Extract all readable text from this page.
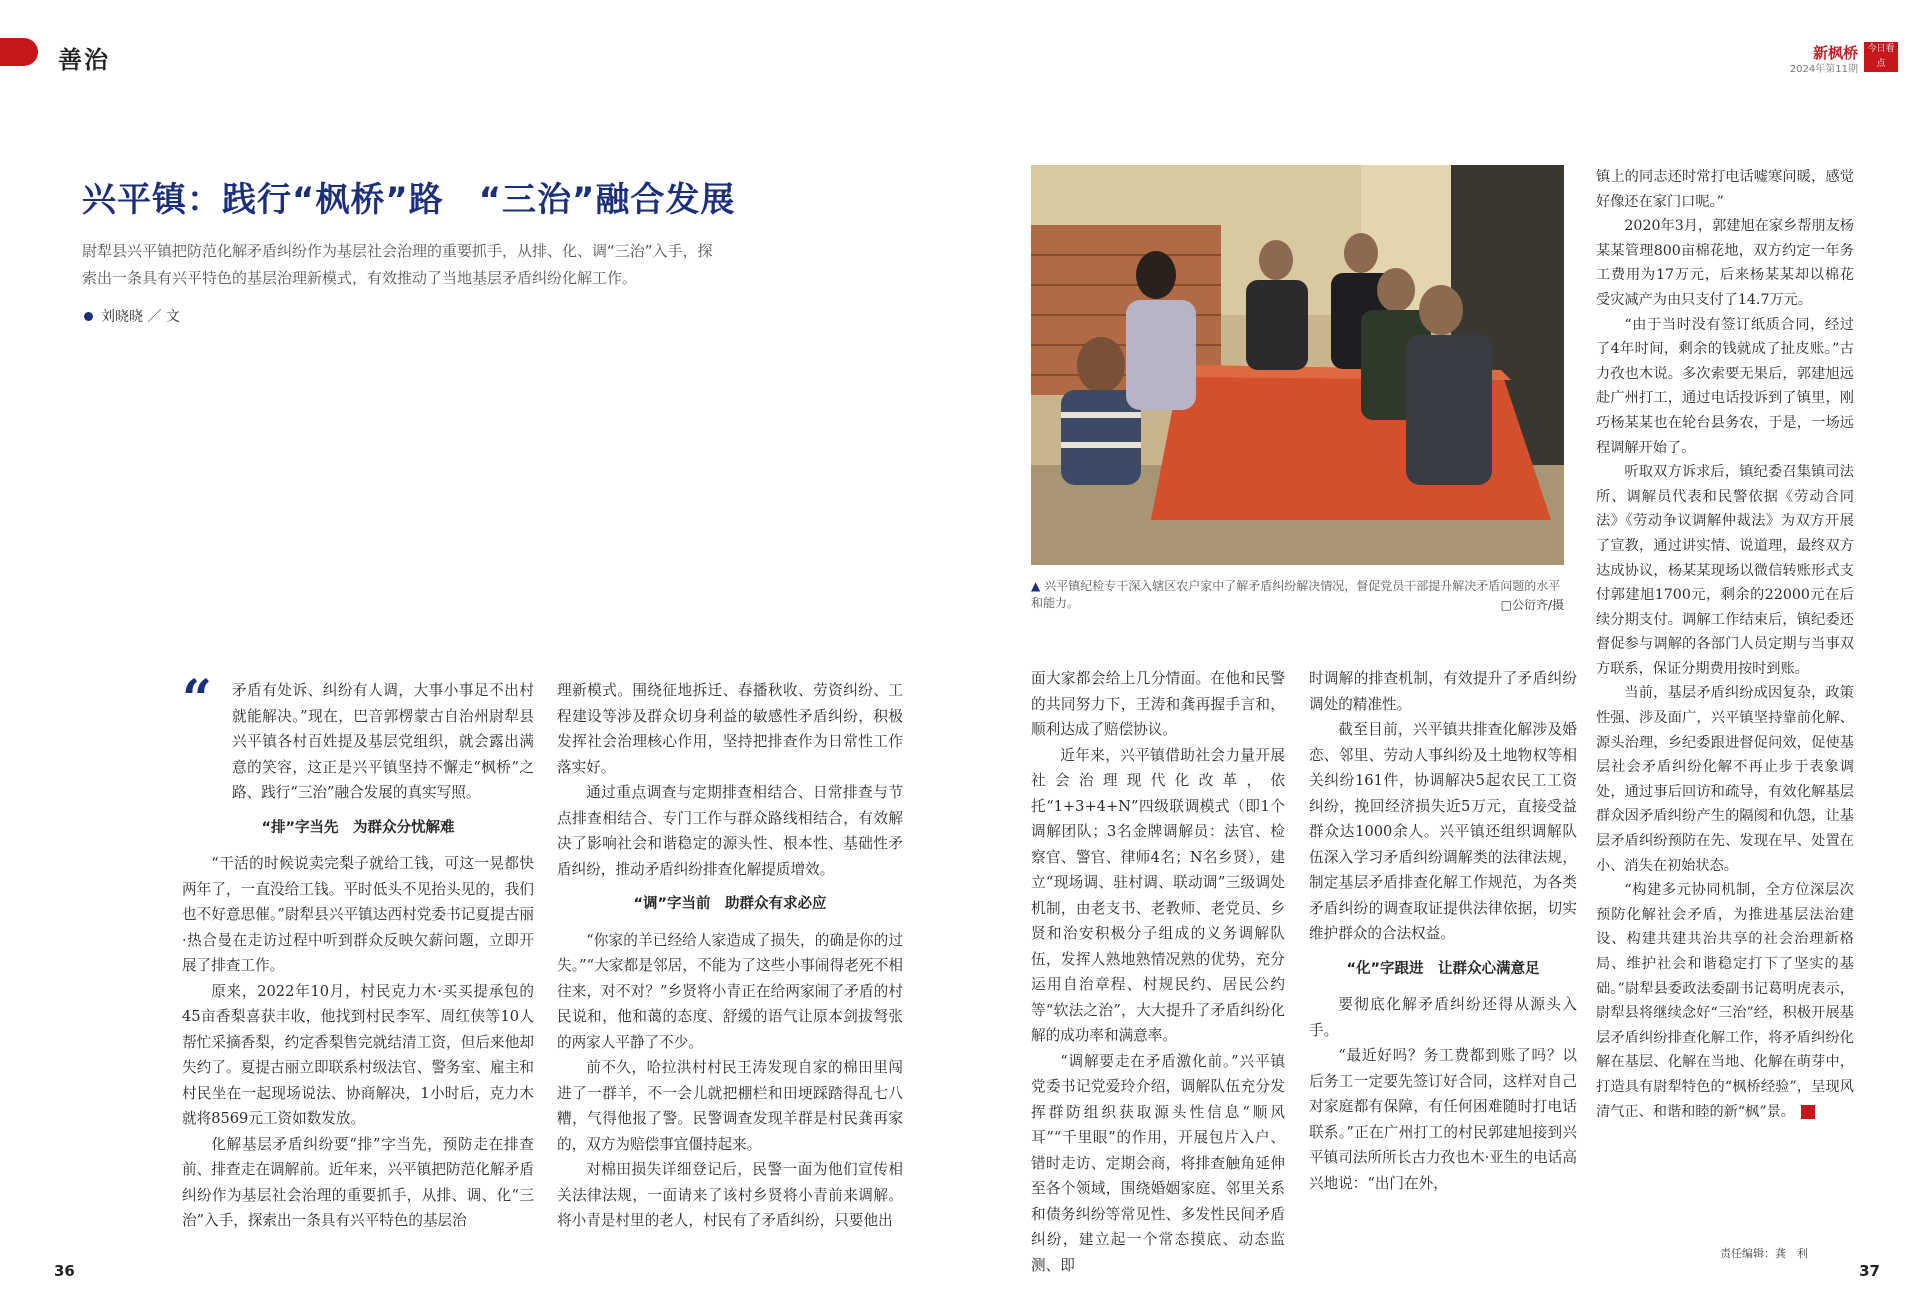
善治	新枫桥
2024年第11期
今日看点
兴平镇：践行“枫桥”路　“三治”融合发展
尉犁县兴平镇把防范化解矛盾纠纷作为基层社会治理的重要抓手，从排、化、调“三治”入手，探索出一条具有兴平特色的基层治理新模式，有效推动了当地基层矛盾纠纷化解工作。
刘晓晓 ／ 文
▲ 兴平镇纪检专干深入辖区农户家中了解矛盾纠纷解决情况，督促党员干部提升解决矛盾问题的水平和能力。	□公衍齐/摄
“	矛盾有处诉、纠纷有人调，大事小事足不出村就能解决。”现在，巴音郭楞蒙古自治州尉犁县兴平镇各村百姓提及基层党组织，就会露出满意的笑容，这正是兴平镇坚持不懈走“枫桥”之路、践行“三治”融合发展的真实写照。

“排”字当先　为群众分忧解难

“干活的时候说卖完梨子就给工钱，可这一晃都快两年了，一直没给工钱。平时低头不见抬头见的，我们也不好意思催。”尉犁县兴平镇达西村党委书记夏提古丽·热合曼在走访过程中听到群众反映欠薪问题，立即开展了排查工作。

原来，2022年10月，村民克力木·买买提承包的45亩香梨喜获丰收，他找到村民李军、周红侠等10人帮忙采摘香梨，约定香梨售完就结清工资，但后来他却失约了。夏提古丽立即联系村级法官、警务室、雇主和村民坐在一起现场说法、协商解决，1小时后，克力木就将8569元工资如数发放。

化解基层矛盾纠纷要“排”字当先，预防走在排查前、排查走在调解前。近年来，兴平镇把防范化解矛盾纠纷作为基层社会治理的重要抓手，从排、调、化“三治”入手，探索出一条具有兴平特色的基层治

理新模式。围绕征地拆迁、春播秋收、劳资纠纷、工程建设等涉及群众切身利益的敏感性矛盾纠纷，积极发挥社会治理核心作用，坚持把排查作为日常性工作落实好。

通过重点调查与定期排查相结合、日常排查与节点排查相结合、专门工作与群众路线相结合，有效解决了影响社会和谐稳定的源头性、根本性、基础性矛盾纠纷，推动矛盾纠纷排查化解提质增效。

“调”字当前　助群众有求必应

“你家的羊已经给人家造成了损失，的确是你的过失。”“大家都是邻居，不能为了这些小事闹得老死不相往来，对不对？”乡贤将小青正在给两家闹了矛盾的村民说和，他和蔼的态度、舒缓的语气让原本剑拔弩张的两家人平静了不少。

前不久，哈拉洪村村民王涛发现自家的棉田里闯进了一群羊，不一会儿就把棚栏和田埂踩踏得乱七八糟，气得他报了警。民警调查发现羊群是村民龚再家的，双方为赔偿事宜僵持起来。

对棉田损失详细登记后，民警一面为他们宣传相关法律法规，一面请来了该村乡贤将小青前来调解。将小青是村里的老人，村民有了矛盾纠纷，只要他出

面大家都会给上几分情面。在他和民警的共同努力下，王涛和龚再握手言和，顺利达成了赔偿协议。

近年来，兴平镇借助社会力量开展社会治理现代化改革，依托“1+3+4+N”四级联调模式（即1个调解团队；3名金牌调解员：法官、检察官、警官、律师4名；N名乡贤），建立“现场调、驻村调、联动调”三级调处机制，由老支书、老教师、老党员、乡贤和治安积极分子组成的义务调解队伍，发挥人熟地熟情况熟的优势，充分运用自治章程、村规民约、居民公约等“软法之治”，大大提升了矛盾纠纷化解的成功率和满意率。

“调解要走在矛盾激化前。”兴平镇党委书记党爱玲介绍，调解队伍充分发挥群防组织获取源头性信息“顺风耳”“千里眼”的作用，开展包片入户、错时走访、定期会商，将排查触角延伸至各个领域，围绕婚姻家庭、邻里关系和债务纠纷等常见性、多发性民间矛盾纠纷，建立起一个常态摸底、动态监测、即

时调解的排查机制，有效提升了矛盾纠纷调处的精准性。

截至目前，兴平镇共排查化解涉及婚恋、邻里、劳动人事纠纷及土地物权等相关纠纷161件，协调解决5起农民工工资纠纷，挽回经济损失近5万元，直接受益群众达1000余人。兴平镇还组织调解队伍深入学习矛盾纠纷调解类的法律法规，制定基层矛盾排查化解工作规范，为各类矛盾纠纷的调查取证提供法律依据，切实维护群众的合法权益。

“化”字跟进　让群众心满意足

要彻底化解矛盾纠纷还得从源头入手。

“最近好吗？务工费都到账了吗？以后务工一定要先签订好合同，这样对自己对家庭都有保障，有任何困难随时打电话联系。”正在广州打工的村民郭建旭接到兴平镇司法所所长古力孜也木·亚生的电话高兴地说：“出门在外，

镇上的同志还时常打电话嘘寒问暖，感觉好像还在家门口呢。”

2020年3月，郭建旭在家乡帮朋友杨某某管理800亩棉花地，双方约定一年务工费用为17万元，后来杨某某却以棉花受灾减产为由只支付了14.7万元。

“由于当时没有签订纸质合同，经过了4年时间，剩余的钱就成了扯皮账。”古力孜也木说。多次索要无果后，郭建旭远赴广州打工，通过电话投诉到了镇里，刚巧杨某某也在轮台县务农，于是，一场远程调解开始了。

听取双方诉求后，镇纪委召集镇司法所、调解员代表和民警依据《劳动合同法》《劳动争议调解仲裁法》为双方开展了宣教，通过讲实情、说道理，最终双方达成协议，杨某某现场以微信转账形式支付郭建旭1700元，剩余的22000元在后续分期支付。调解工作结束后，镇纪委还督促参与调解的各部门人员定期与当事双方联系，保证分期费用按时到账。

当前，基层矛盾纠纷成因复杂，政策性强、涉及面广，兴平镇坚持靠前化解、源头治理，乡纪委跟进督促问效，促使基层社会矛盾纠纷化解不再止步于表象调处，通过事后回访和疏导，有效化解基层群众因矛盾纠纷产生的隔阂和仇怨，让基层矛盾纠纷预防在先、发现在早、处置在小、消失在初始状态。

“构建多元协同机制，全方位深层次预防化解社会矛盾，为推进基层法治建设、构建共建共治共享的社会治理新格局、维护社会和谐稳定打下了坚实的基础。”尉犁县委政法委副书记葛明虎表示，尉犁县将继续念好“三治”经，积极开展基层矛盾纠纷排查化解工作，将矛盾纠纷化解在基层、化解在当地、化解在萌芽中，打造具有尉犁特色的“枫桥经验”，呈现风清气正、和谐和睦的新“枫”景。

36
责任编辑：龚　利
37
